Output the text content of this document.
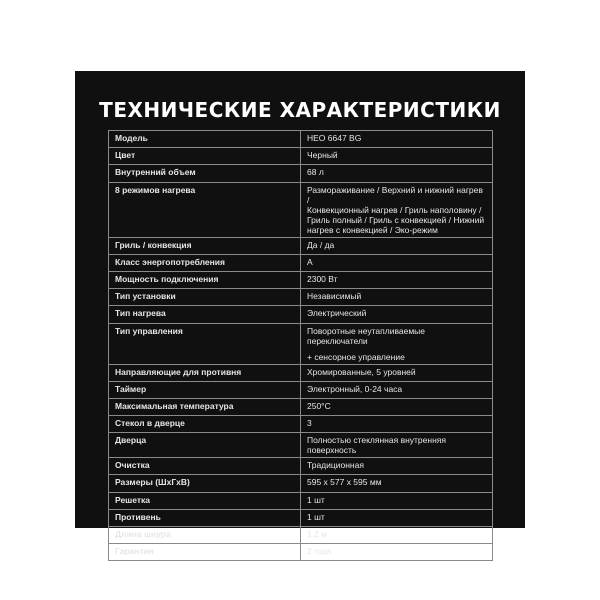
ТЕХНИЧЕСКИЕ ХАРАКТЕРИСТИКИ
Модель	HEO 6647 BG
Цвет	Черный
Внутренний объем	68 л
8 режимов нагрева	Размораживание / Верхний и нижний нагрев /
Конвекционный нагрев / Гриль наполовину /
Гриль полный / Гриль с конвекцией / Нижний
нагрев с конвекцией / Эко-режим

Гриль / конвекция	Да / да
Класс энергопотребления	А
Мощность подключения	2300 Вт
Тип установки	Независимый
Тип нагрева	Электрический
Тип управления	Поворотные неутапливаемые переключатели
+ сенсорное управление

Направляющие для противня	Хромированные, 5 уровней
Таймер	Электронный, 0-24 часа
Максимальная температура	250°C
Стекол в дверце	3
Дверца	Полностью стеклянная внутренняя поверхность
Очистка	Традиционная
Размеры (ШхГхВ)	595 х 577 х 595 мм
Решетка	1 шт
Противень	1 шт
Длина шнура	1.2 м
Гарантия	2 года
